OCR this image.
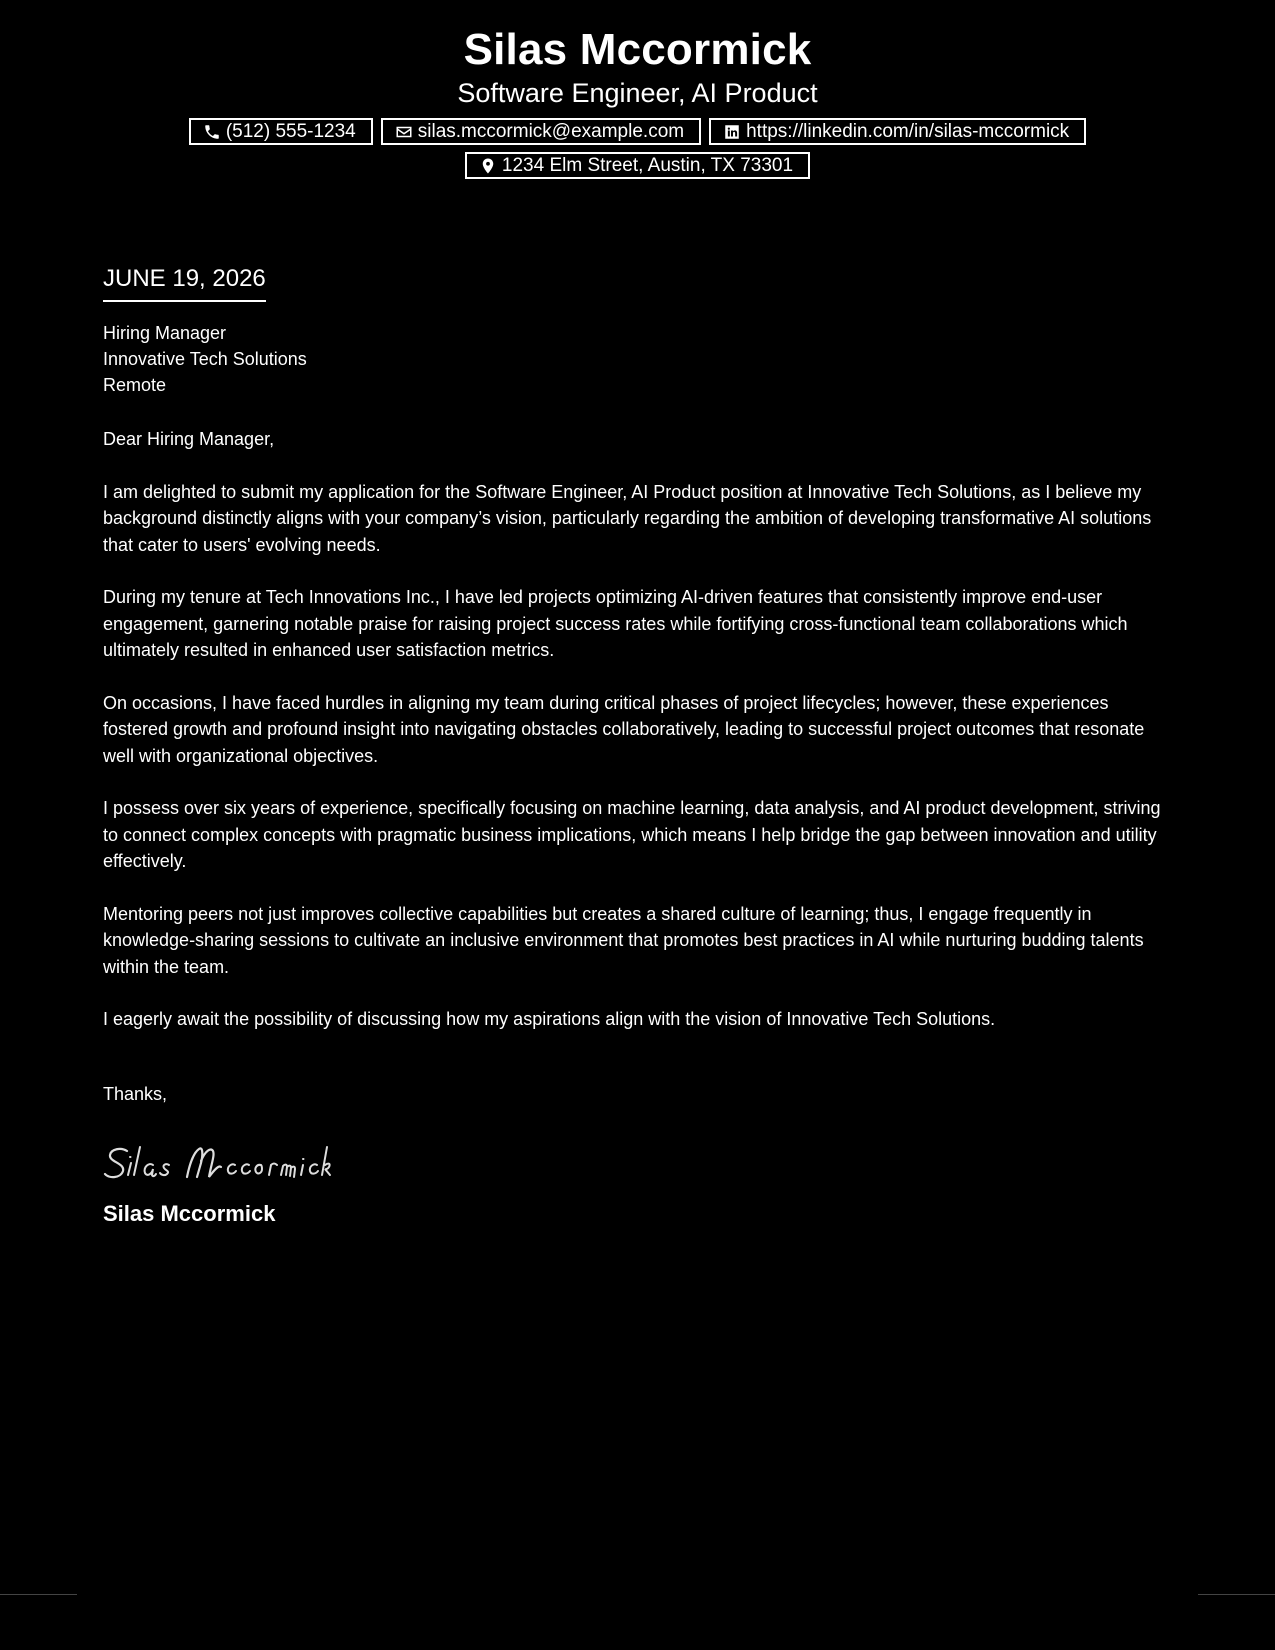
Silas Mccormick
Software Engineer, AI Product
(512) 555-1234	silas.mccormick@example.com	https://linkedin.com/in/silas-mccormick
1234 Elm Street, Austin, TX 73301
JUNE 19, 2026
Hiring Manager
Innovative Tech Solutions
Remote
Dear Hiring Manager,
I am delighted to submit my application for the Software Engineer, AI Product position at Innovative Tech Solutions, as I believe my background distinctly aligns with your company’s vision, particularly regarding the ambition of developing transformative AI solutions that cater to users' evolving needs.
During my tenure at Tech Innovations Inc., I have led projects optimizing AI-driven features that consistently improve end-user engagement, garnering notable praise for raising project success rates while fortifying cross-functional team collaborations which ultimately resulted in enhanced user satisfaction metrics.
On occasions, I have faced hurdles in aligning my team during critical phases of project lifecycles; however, these experiences fostered growth and profound insight into navigating obstacles collaboratively, leading to successful project outcomes that resonate well with organizational objectives.
I possess over six years of experience, specifically focusing on machine learning, data analysis, and AI product development, striving to connect complex concepts with pragmatic business implications, which means I help bridge the gap between innovation and utility effectively.
Mentoring peers not just improves collective capabilities but creates a shared culture of learning; thus, I engage frequently in knowledge-sharing sessions to cultivate an inclusive environment that promotes best practices in AI while nurturing budding talents within the team.
I eagerly await the possibility of discussing how my aspirations align with the vision of Innovative Tech Solutions.
Thanks,
Silas Mccormick
